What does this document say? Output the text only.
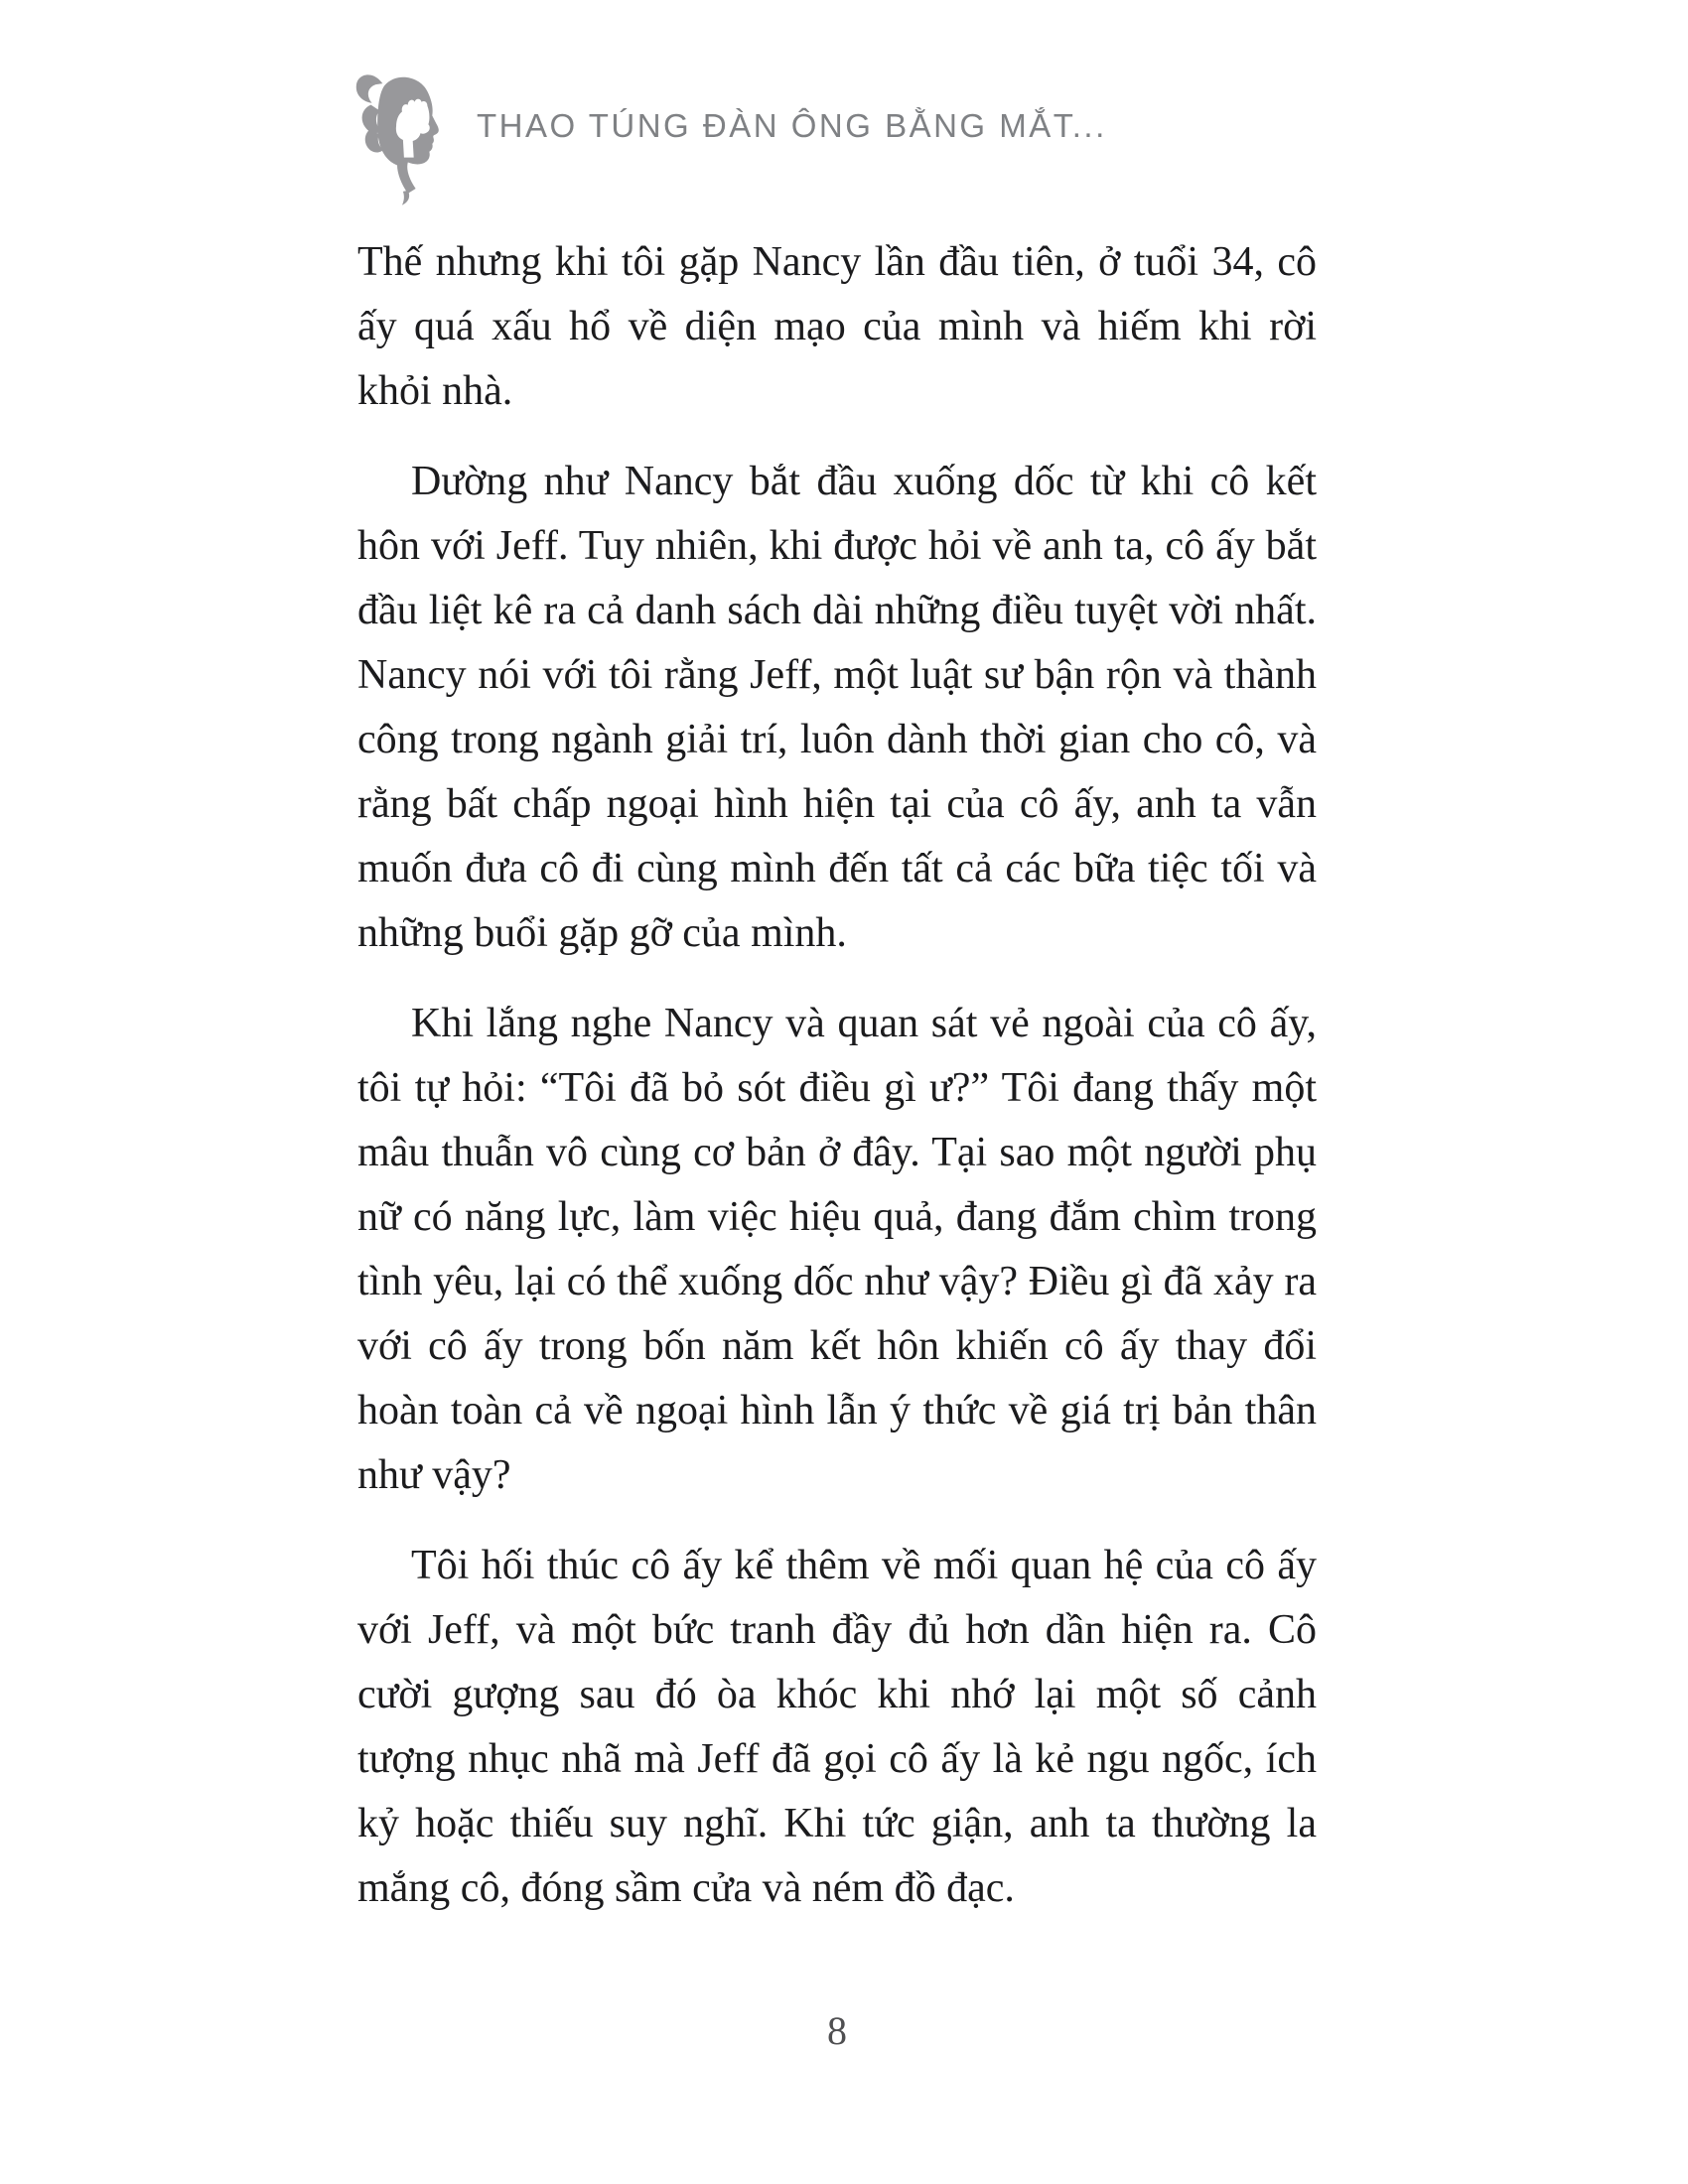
THAO TÚNG ĐÀN ÔNG BẰNG MẮT...

Thế nhưng khi tôi gặp Nancy lần đầu tiên, ở tuổi 34, cô ấy quá xấu hổ về diện mạo của mình và hiếm khi rời khỏi nhà.

Dường như Nancy bắt đầu xuống dốc từ khi cô kết hôn với Jeff. Tuy nhiên, khi được hỏi về anh ta, cô ấy bắt đầu liệt kê ra cả danh sách dài những điều tuyệt vời nhất. Nancy nói với tôi rằng Jeff, một luật sư bận rộn và thành công trong ngành giải trí, luôn dành thời gian cho cô, và rằng bất chấp ngoại hình hiện tại của cô ấy, anh ta vẫn muốn đưa cô đi cùng mình đến tất cả các bữa tiệc tối và những buổi gặp gỡ của mình.

Khi lắng nghe Nancy và quan sát vẻ ngoài của cô ấy, tôi tự hỏi: “Tôi đã bỏ sót điều gì ư?” Tôi đang thấy một mâu thuẫn vô cùng cơ bản ở đây. Tại sao một người phụ nữ có năng lực, làm việc hiệu quả, đang đắm chìm trong tình yêu, lại có thể xuống dốc như vậy? Điều gì đã xảy ra với cô ấy trong bốn năm kết hôn khiến cô ấy thay đổi hoàn toàn cả về ngoại hình lẫn ý thức về giá trị bản thân như vậy?

Tôi hối thúc cô ấy kể thêm về mối quan hệ của cô ấy với Jeff, và một bức tranh đầy đủ hơn dần hiện ra. Cô cười gượng sau đó òa khóc khi nhớ lại một số cảnh tượng nhục nhã mà Jeff đã gọi cô ấy là kẻ ngu ngốc, ích kỷ hoặc thiếu suy nghĩ. Khi tức giận, anh ta thường la mắng cô, đóng sầm cửa và ném đồ đạc.

8
